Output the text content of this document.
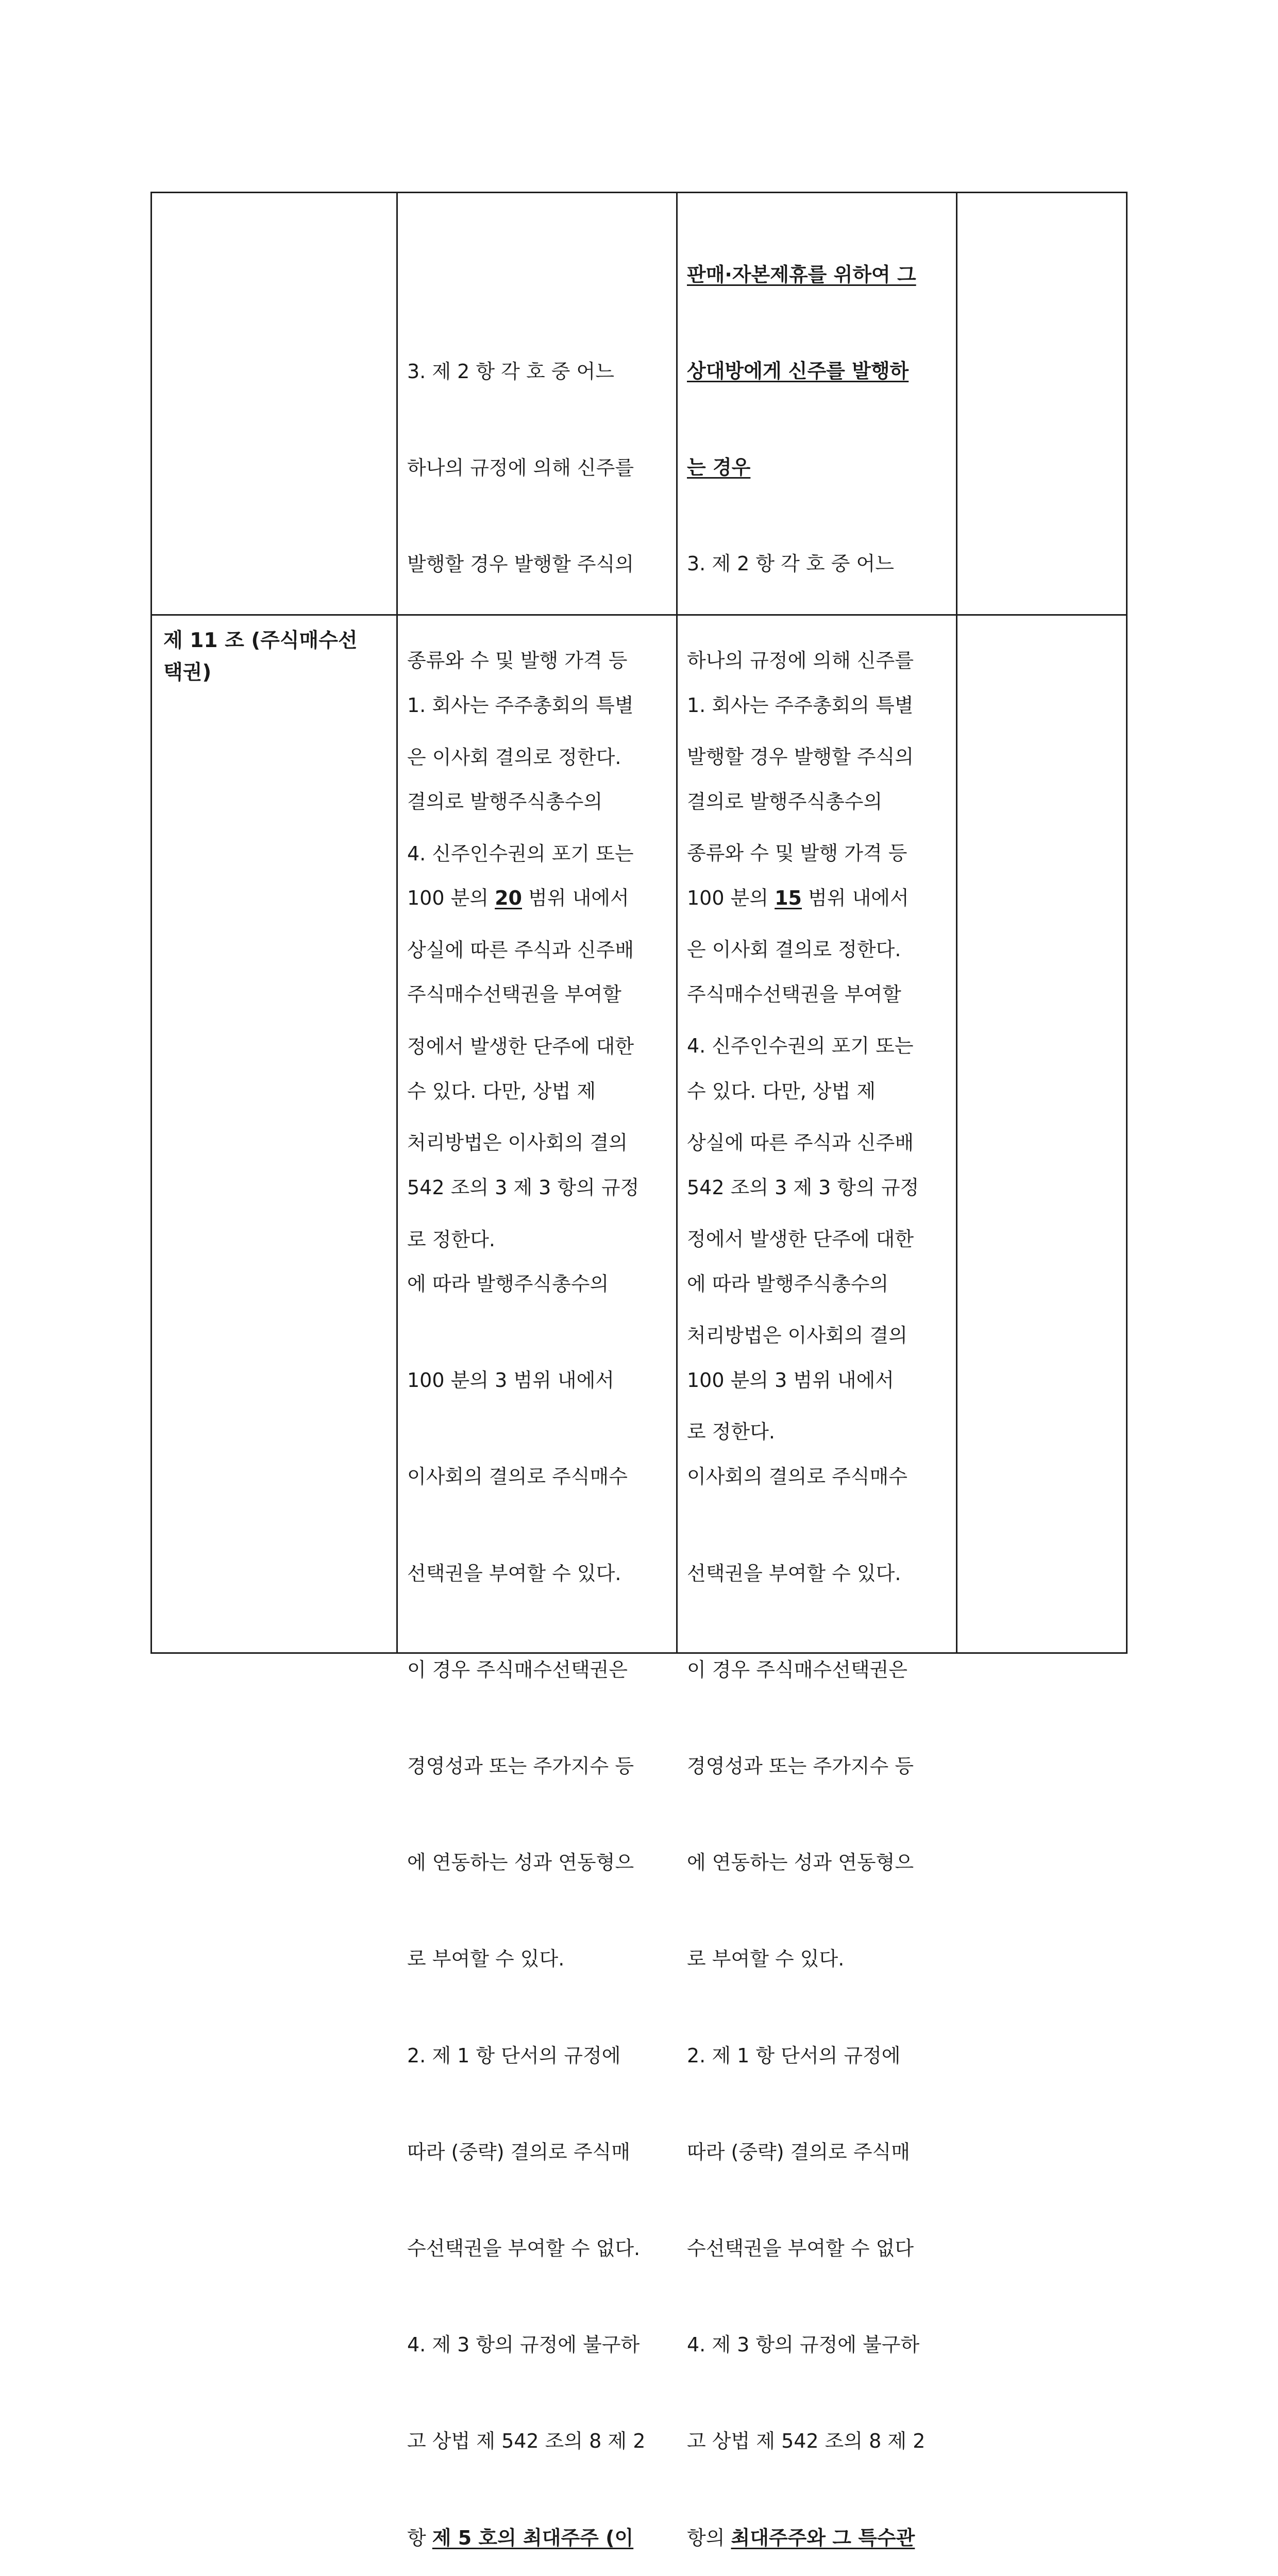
3. 제 2 항 각 호 중 어느

하나의 규정에 의해 신주를

발행할 경우 발행할 주식의

종류와 수 및 발행 가격 등

은 이사회 결의로 정한다.

4. 신주인수권의 포기 또는

상실에 따른 주식과 신주배

정에서 발생한 단주에 대한

처리방법은 이사회의 결의

로 정한다.

판매·자본제휴를 위하여 그

상대방에게 신주를 발행하

는 경우

3. 제 2 항 각 호 중 어느

하나의 규정에 의해 신주를

발행할 경우 발행할 주식의

종류와 수 및 발행 가격 등

은 이사회 결의로 정한다.

4. 신주인수권의 포기 또는

상실에 따른 주식과 신주배

정에서 발생한 단주에 대한

처리방법은 이사회의 결의

로 정한다.

제 11 조 (주식매수선
택권)

1. 회사는 주주총회의 특별

결의로 발행주식총수의

100 분의 20 범위 내에서

주식매수선택권을 부여할

수 있다. 다만, 상법 제

542 조의 3 제 3 항의 규정

에 따라 발행주식총수의

100 분의 3 범위 내에서

이사회의 결의로 주식매수

선택권을 부여할 수 있다.

이 경우 주식매수선택권은

경영성과 또는 주가지수 등

에 연동하는 성과 연동형으

로 부여할 수 있다.

2. 제 1 항 단서의 규정에

따라 (중략) 결의로 주식매

수선택권을 부여할 수 없다.

4. 제 3 항의 규정에 불구하

고 상법 제 542 조의 8 제 2

항 제 5 호의 최대주주 (이

1. 회사는 주주총회의 특별

결의로 발행주식총수의

100 분의 15 범위 내에서

주식매수선택권을 부여할

수 있다. 다만, 상법 제

542 조의 3 제 3 항의 규정

에 따라 발행주식총수의

100 분의 3 범위 내에서

이사회의 결의로 주식매수

선택권을 부여할 수 있다.

이 경우 주식매수선택권은

경영성과 또는 주가지수 등

에 연동하는 성과 연동형으

로 부여할 수 있다.

2. 제 1 항 단서의 규정에

따라 (중략) 결의로 주식매

수선택권을 부여할 수 없다

4. 제 3 항의 규정에 불구하

고 상법 제 542 조의 8 제 2

항의 최대주주와 그 특수관
